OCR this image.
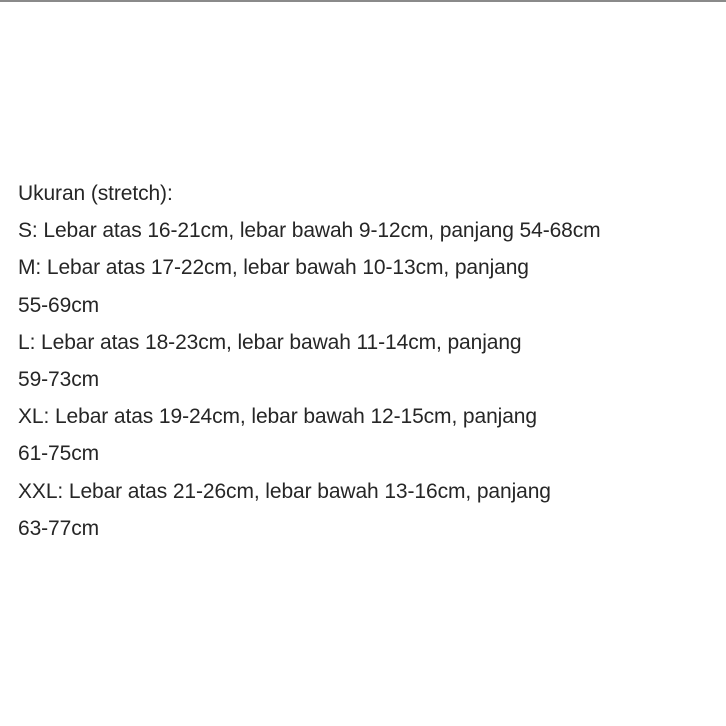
Ukuran (stretch):
S: Lebar atas 16-21cm, lebar bawah 9-12cm, panjang 54-68cm
M: Lebar atas 17-22cm, lebar bawah 10-13cm, panjang
55-69cm
L: Lebar atas 18-23cm, lebar bawah 11-14cm, panjang
59-73cm
XL: Lebar atas 19-24cm, lebar bawah 12-15cm, panjang
61-75cm
XXL: Lebar atas 21-26cm, lebar bawah 13-16cm, panjang
63-77cm
